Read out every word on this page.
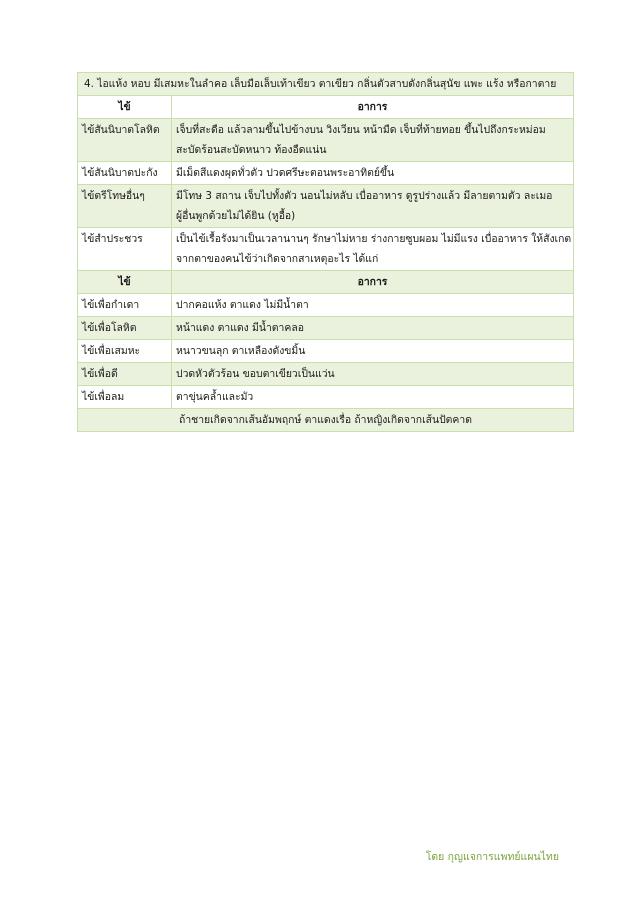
4. ไอแห้ง หอบ มีเสมหะในลำคอ เล็บมือเล็บเท้าเขียว ตาเขียว กลิ่นตัวสาบดังกลิ่นสุนัข แพะ แร้ง หรือกาตาย	
ไข้	อาการ
ไข้สันนิบาตโลหิต	เจ็บที่สะดือ แล้วลามขึ้นไปข้างบน วิงเวียน หน้ามืด เจ็บที่ท้ายทอย ขึ้นไปถึงกระหม่อม
สะบัดร้อนสะบัดหนาว ท้องอืดแน่น

ไข้สันนิบาตปะกัง	มีเม็ดสีแดงผุดทั่วตัว ปวดศรีษะตอนพระอาทิตย์ขึ้น

ไข้ตรีโทษอื่นๆ	มีโทษ 3 สถาน เจ็บไปทั้งตัว นอนไม่หลับ เบื่ออาหาร ดูรูปร่างแล้ว มีลายตามตัว ละเมอ
ผู้อื่นพูกด้วยไม่ได้ยิน (หูอื้อ)

ไข้สำประชวร	เป็นไข้เรื้อรังมาเป็นเวลานานๆ รักษาไม่หาย ร่างกายซูบผอม ไม่มีแรง เบื่ออาหาร ให้สังเกต
จากตาของคนไข้ว่าเกิดจากสาเหตุอะไร ได้แก่

ไข้	อาการ
ไข้เพื่อกำเดา	ปากคอแห้ง ตาแดง ไม่มีน้ำตา
ไข้เพื่อโลหิต	หน้าแดง ตาแดง มีน้ำตาคลอ
ไข้เพื่อเสมหะ	หนาวขนลุก ตาเหลืองดังขมิ้น
ไข้เพื่อดี	ปวดหัวตัวร้อน ขอบตาเขียวเป็นแว่น
ไข้เพื่อลม	ตาขุ่นคล้ำและมัว
ถ้าชายเกิดจากเส้นอัมพฤกษ์ ตาแดงเรื่อ ถ้าหญิงเกิดจากเส้นปัตคาด	
โดย กุญแจการแพทย์แผนไทย
